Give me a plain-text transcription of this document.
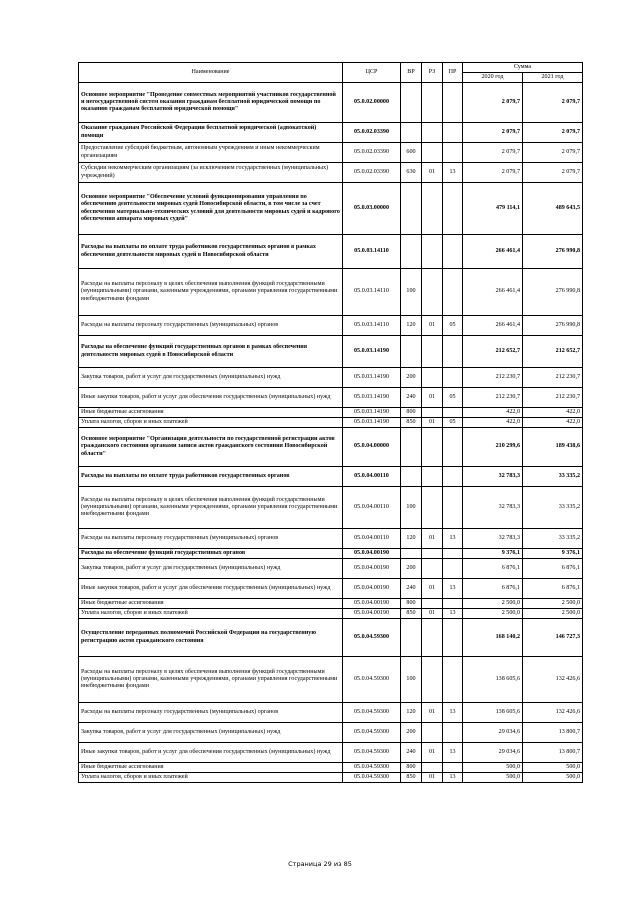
Наименование	ЦСР	ВР	РЗ	ПР	Сумма	
					2020 год	2021 год
Основное мероприятие "Проведение совместных мероприятий участников государственной и негосударственной систем оказания гражданам бесплатной юридической помощи по оказанию гражданам бесплатной юридической помощи"	05.0.02.00000				2 079,7	2 079,7
Оказание гражданам Российской Федерации бесплатной юридической (адвокатской) помощи	05.0.02.03390				2 079,7	2 079,7
Предоставление субсидий бюджетным, автономным учреждениям и иным некоммерческим организациям	05.0.02.03390	600			2 079,7	2 079,7
Субсидии некоммерческим организациям (за исключением государственных (муниципальных) учреждений)	05.0.02.03390	630	01	13	2 079,7	2 079,7
Основное мероприятие "Обеспечение условий функционирования управления по обеспечению деятельности мировых судей Новосибирской области, в том числе за счет обеспечения материально-технических условий для деятельности мировых судей и кадрового обеспечения аппарата мировых судей"	05.0.03.00000				479 114,1	489 643,5
Расходы на выплаты по оплате труда работников государственных органов в рамках обеспечения деятельности мировых судей в Новосибирской области	05.0.03.14110				266 461,4	276 990,8
Расходы на выплаты персоналу в целях обеспечения выполнения функций государственными (муниципальными) органами, казенными учреждениями, органами управления государственными внебюджетными фондами	05.0.03.14110	100			266 461,4	276 990,8
Расходы на выплаты персоналу государственных (муниципальных) органов	05.0.03.14110	120	01	05	266 461,4	276 990,8
Расходы на обеспечение функций государственных органов в рамках обеспечения деятельности мировых судей в Новосибирской области	05.0.03.14190				212 652,7	212 652,7
Закупка товаров, работ и услуг для государственных (муниципальных) нужд	05.0.03.14190	200			212 230,7	212 230,7
Иные закупки товаров, работ и услуг для обеспечения государственных (муниципальных) нужд	05.0.03.14190	240	01	05	212 230,7	212 230,7
Иные бюджетные ассигнования	05.0.03.14190	800			422,0	422,0
Уплата налогов, сборов и иных платежей	05.0.03.14190	850	01	05	422,0	422,0
Основное мероприятие "Организация деятельности по государственной регистрации актов гражданского состояния органами записи актов гражданского состояния Новосибирской области"	05.0.04.00000				210 299,6	189 438,6
Расходы на выплаты по оплате труда работников государственных органов	05.0.04.00110				32 783,3	33 335,2
Расходы на выплаты персоналу в целях обеспечения выполнения функций государственными (муниципальными) органами, казенными учреждениями, органами управления государственными внебюджетными фондами	05.0.04.00110	100			32 783,3	33 335,2
Расходы на выплаты персоналу государственных (муниципальных) органов	05.0.04.00110	120	01	13	32 783,3	33 335,2
Расходы на обеспечение функций государственных органов	05.0.04.00190				9 376,1	9 376,1
Закупка товаров, работ и услуг для государственных (муниципальных) нужд	05.0.04.00190	200			6 876,1	6 876,1
Иные закупки товаров, работ и услуг для обеспечения государственных (муниципальных) нужд	05.0.04.00190	240	01	13	6 876,1	6 876,1
Иные бюджетные ассигнования	05.0.04.00190	800			2 500,0	2 500,0
Уплата налогов, сборов и иных платежей	05.0.04.00190	850	01	13	2 500,0	2 500,0
Осуществление переданных полномочий Российской Федерации на государственную регистрацию актов гражданского состояния	05.0.04.59300				168 140,2	146 727,3
Расходы на выплаты персоналу в целях обеспечения выполнения функций государственными (муниципальными) органами, казенными учреждениями, органами управления государственными внебюджетными фондами	05.0.04.59300	100			138 605,6	132 426,6
Расходы на выплаты персоналу государственных (муниципальных) органов	05.0.04.59300	120	01	13	138 605,6	132 426,6
Закупка товаров, работ и услуг для государственных (муниципальных) нужд	05.0.04.59300	200			29 034,6	13 800,7
Иные закупки товаров, работ и услуг для обеспечения государственных (муниципальных) нужд	05.0.04.59300	240	01	13	29 034,6	13 800,7
Иные бюджетные ассигнования	05.0.04.59300	800			500,0	500,0
Уплата налогов, сборов и иных платежей	05.0.04.59300	850	01	13	500,0	500,0
Страница 29 из 85
